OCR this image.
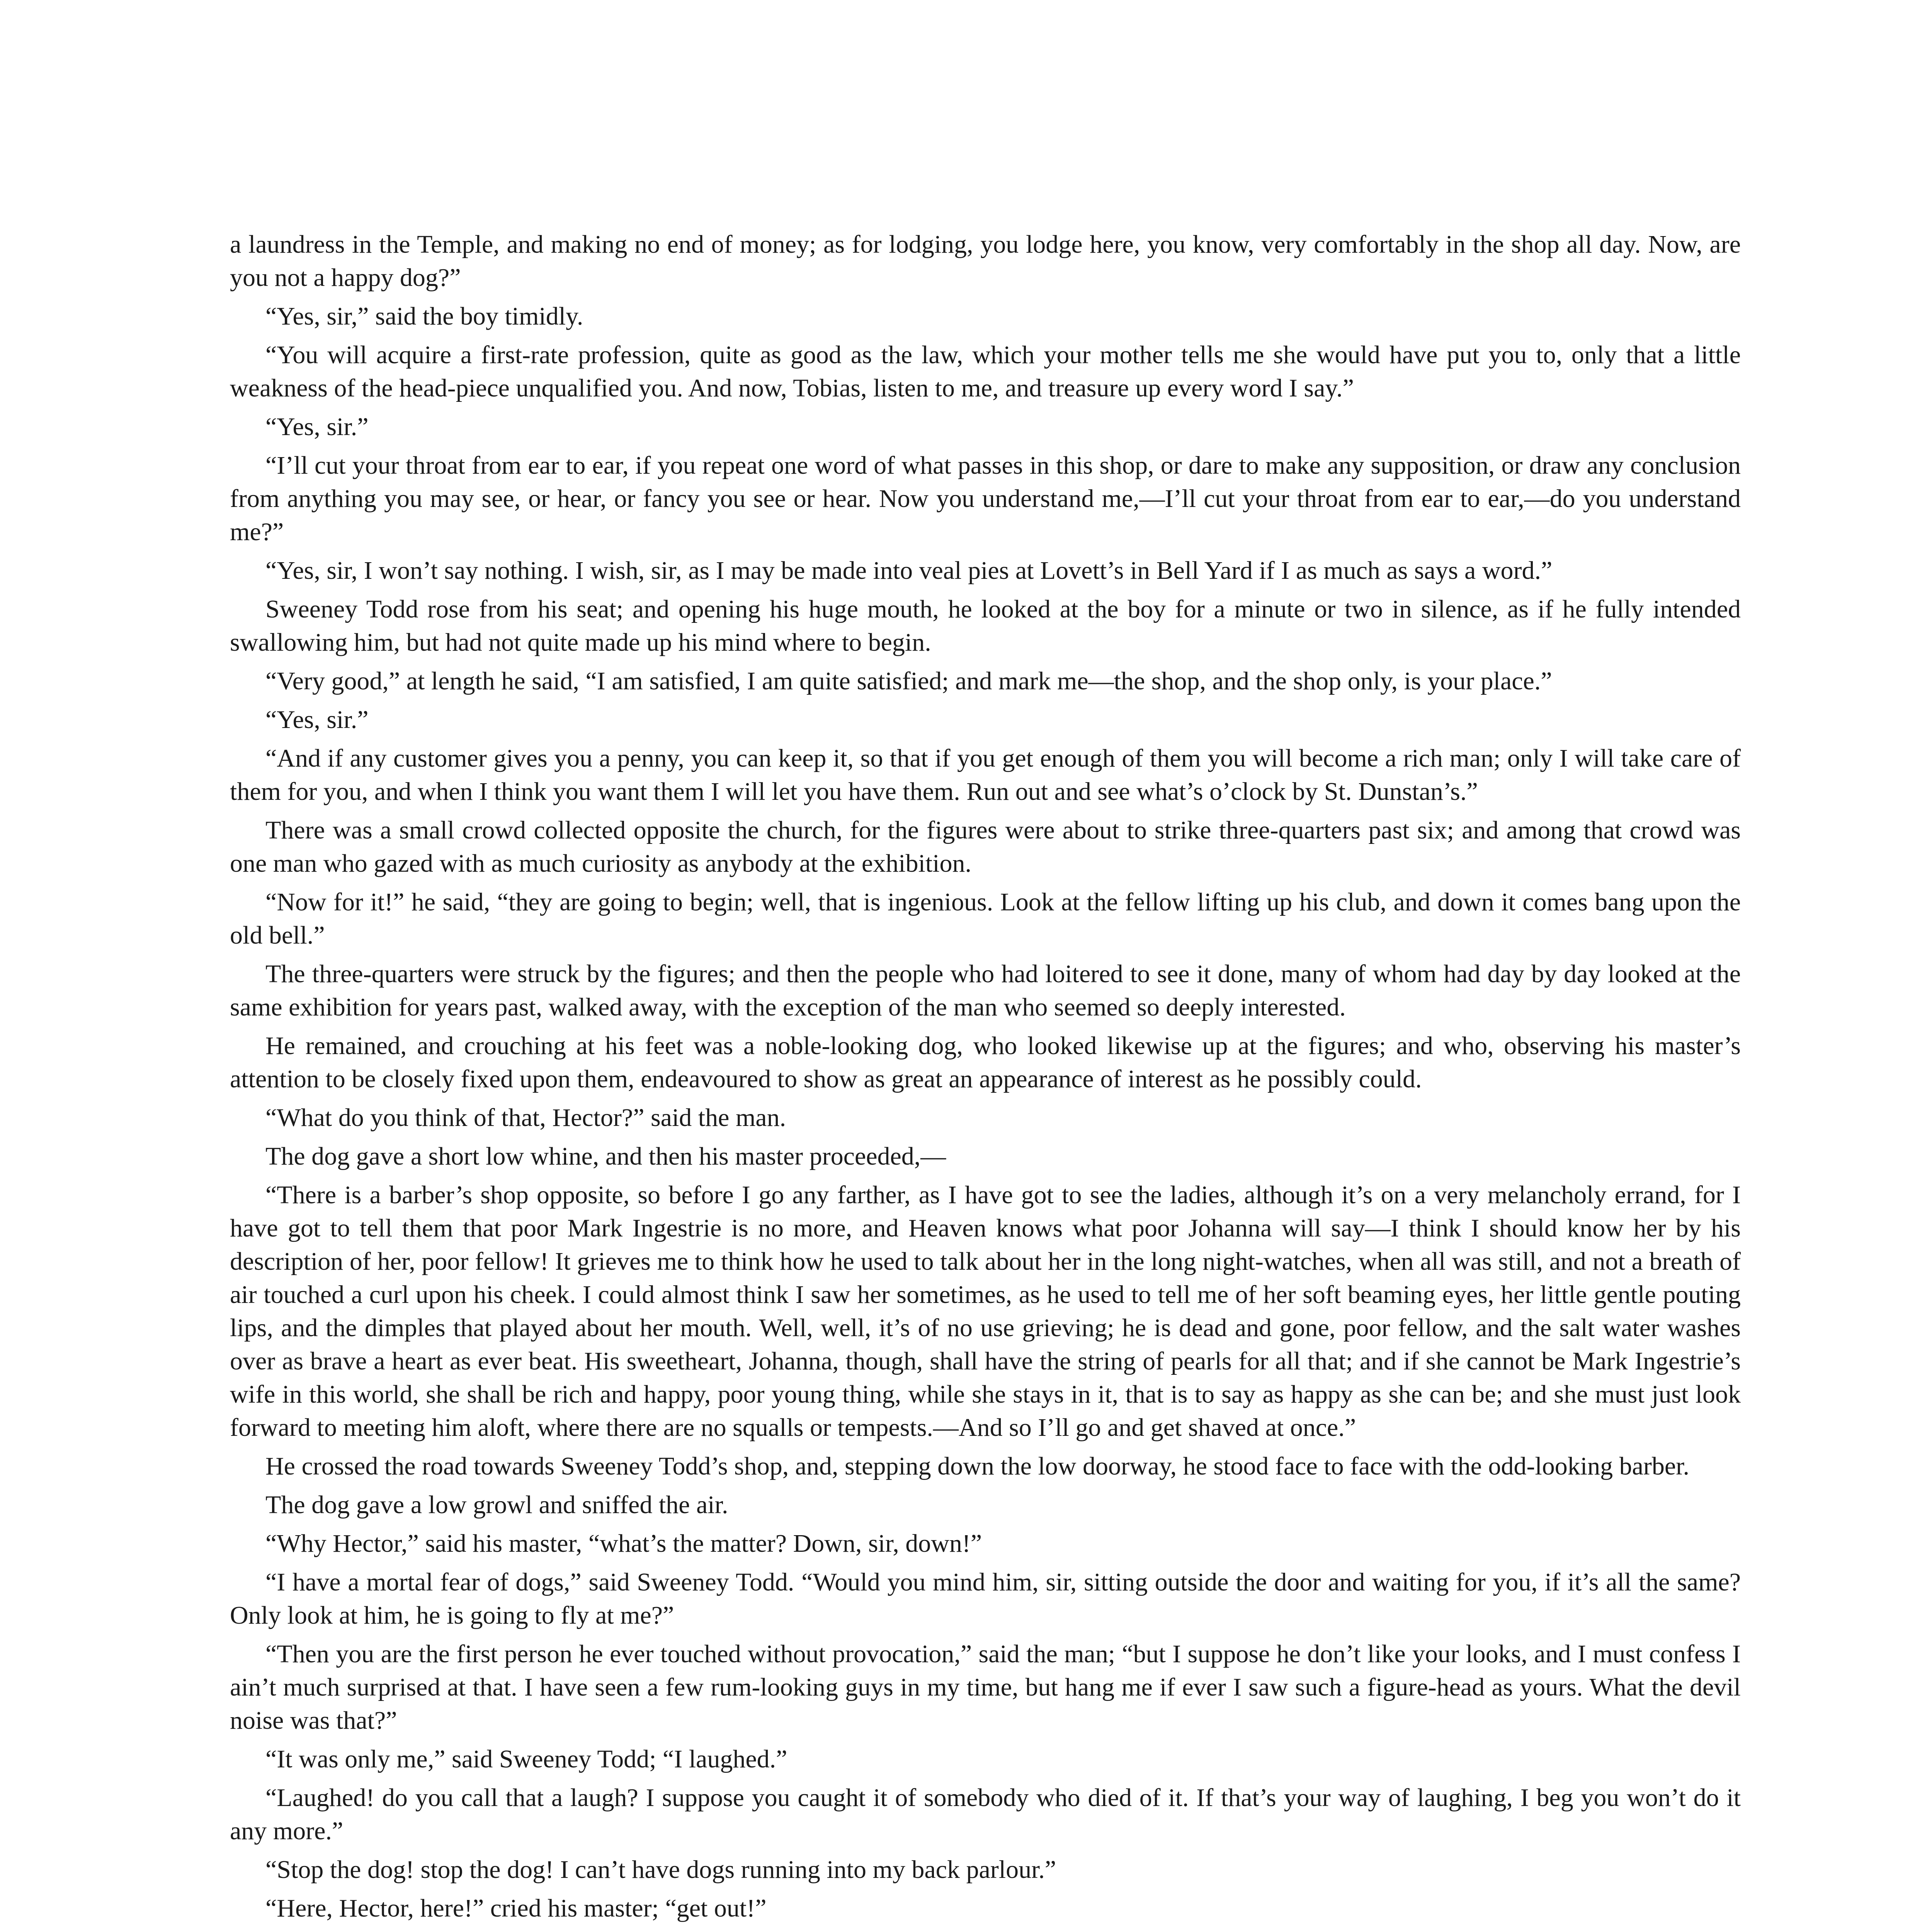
a laundress in the Temple, and making no end of money; as for lodging, you lodge here, you know, very comfortably in the shop all day. Now, are you not a happy dog?”

“Yes, sir,” said the boy timidly.

“You will acquire a first-rate profession, quite as good as the law, which your mother tells me she would have put you to, only that a little weakness of the head-piece unqualified you. And now, Tobias, listen to me, and treasure up every word I say.”

“Yes, sir.”

“I’ll cut your throat from ear to ear, if you repeat one word of what passes in this shop, or dare to make any supposition, or draw any conclusion from anything you may see, or hear, or fancy you see or hear. Now you understand me,—I’ll cut your throat from ear to ear,—do you understand me?”

“Yes, sir, I won’t say nothing. I wish, sir, as I may be made into veal pies at Lovett’s in Bell Yard if I as much as says a word.”

Sweeney Todd rose from his seat; and opening his huge mouth, he looked at the boy for a minute or two in silence, as if he fully intended swallowing him, but had not quite made up his mind where to begin.

“Very good,” at length he said, “I am satisfied, I am quite satisfied; and mark me—the shop, and the shop only, is your place.”

“Yes, sir.”

“And if any customer gives you a penny, you can keep it, so that if you get enough of them you will become a rich man; only I will take care of them for you, and when I think you want them I will let you have them. Run out and see what’s o’clock by St. Dunstan’s.”

There was a small crowd collected opposite the church, for the figures were about to strike three-quarters past six; and among that crowd was one man who gazed with as much curiosity as anybody at the exhibition.

“Now for it!” he said, “they are going to begin; well, that is ingenious. Look at the fellow lifting up his club, and down it comes bang upon the old bell.”

The three-quarters were struck by the figures; and then the people who had loitered to see it done, many of whom had day by day looked at the same exhibition for years past, walked away, with the exception of the man who seemed so deeply interested.

He remained, and crouching at his feet was a noble-looking dog, who looked likewise up at the figures; and who, observing his master’s attention to be closely fixed upon them, endeavoured to show as great an appearance of interest as he possibly could.

“What do you think of that, Hector?” said the man.

The dog gave a short low whine, and then his master proceeded,—

“There is a barber’s shop opposite, so before I go any farther, as I have got to see the ladies, although it’s on a very melancholy errand, for I have got to tell them that poor Mark Ingestrie is no more, and Heaven knows what poor Johanna will say—I think I should know her by his description of her, poor fellow! It grieves me to think how he used to talk about her in the long night-watches, when all was still, and not a breath of air touched a curl upon his cheek. I could almost think I saw her sometimes, as he used to tell me of her soft beaming eyes, her little gentle pouting lips, and the dimples that played about her mouth. Well, well, it’s of no use grieving; he is dead and gone, poor fellow, and the salt water washes over as brave a heart as ever beat. His sweetheart, Johanna, though, shall have the string of pearls for all that; and if she cannot be Mark Ingestrie’s wife in this world, she shall be rich and happy, poor young thing, while she stays in it, that is to say as happy as she can be; and she must just look forward to meeting him aloft, where there are no squalls or tempests.—And so I’ll go and get shaved at once.”

He crossed the road towards Sweeney Todd’s shop, and, stepping down the low doorway, he stood face to face with the odd-looking barber.

The dog gave a low growl and sniffed the air.

“Why Hector,” said his master, “what’s the matter? Down, sir, down!”

“I have a mortal fear of dogs,” said Sweeney Todd. “Would you mind him, sir, sitting outside the door and waiting for you, if it’s all the same? Only look at him, he is going to fly at me?”

“Then you are the first person he ever touched without provocation,” said the man; “but I suppose he don’t like your looks, and I must confess I ain’t much surprised at that. I have seen a few rum-looking guys in my time, but hang me if ever I saw such a figure-head as yours. What the devil noise was that?”

“It was only me,” said Sweeney Todd; “I laughed.”

“Laughed! do you call that a laugh? I suppose you caught it of somebody who died of it. If that’s your way of laughing, I beg you won’t do it any more.”

“Stop the dog! stop the dog! I can’t have dogs running into my back parlour.”

“Here, Hector, here!” cried his master; “get out!”
